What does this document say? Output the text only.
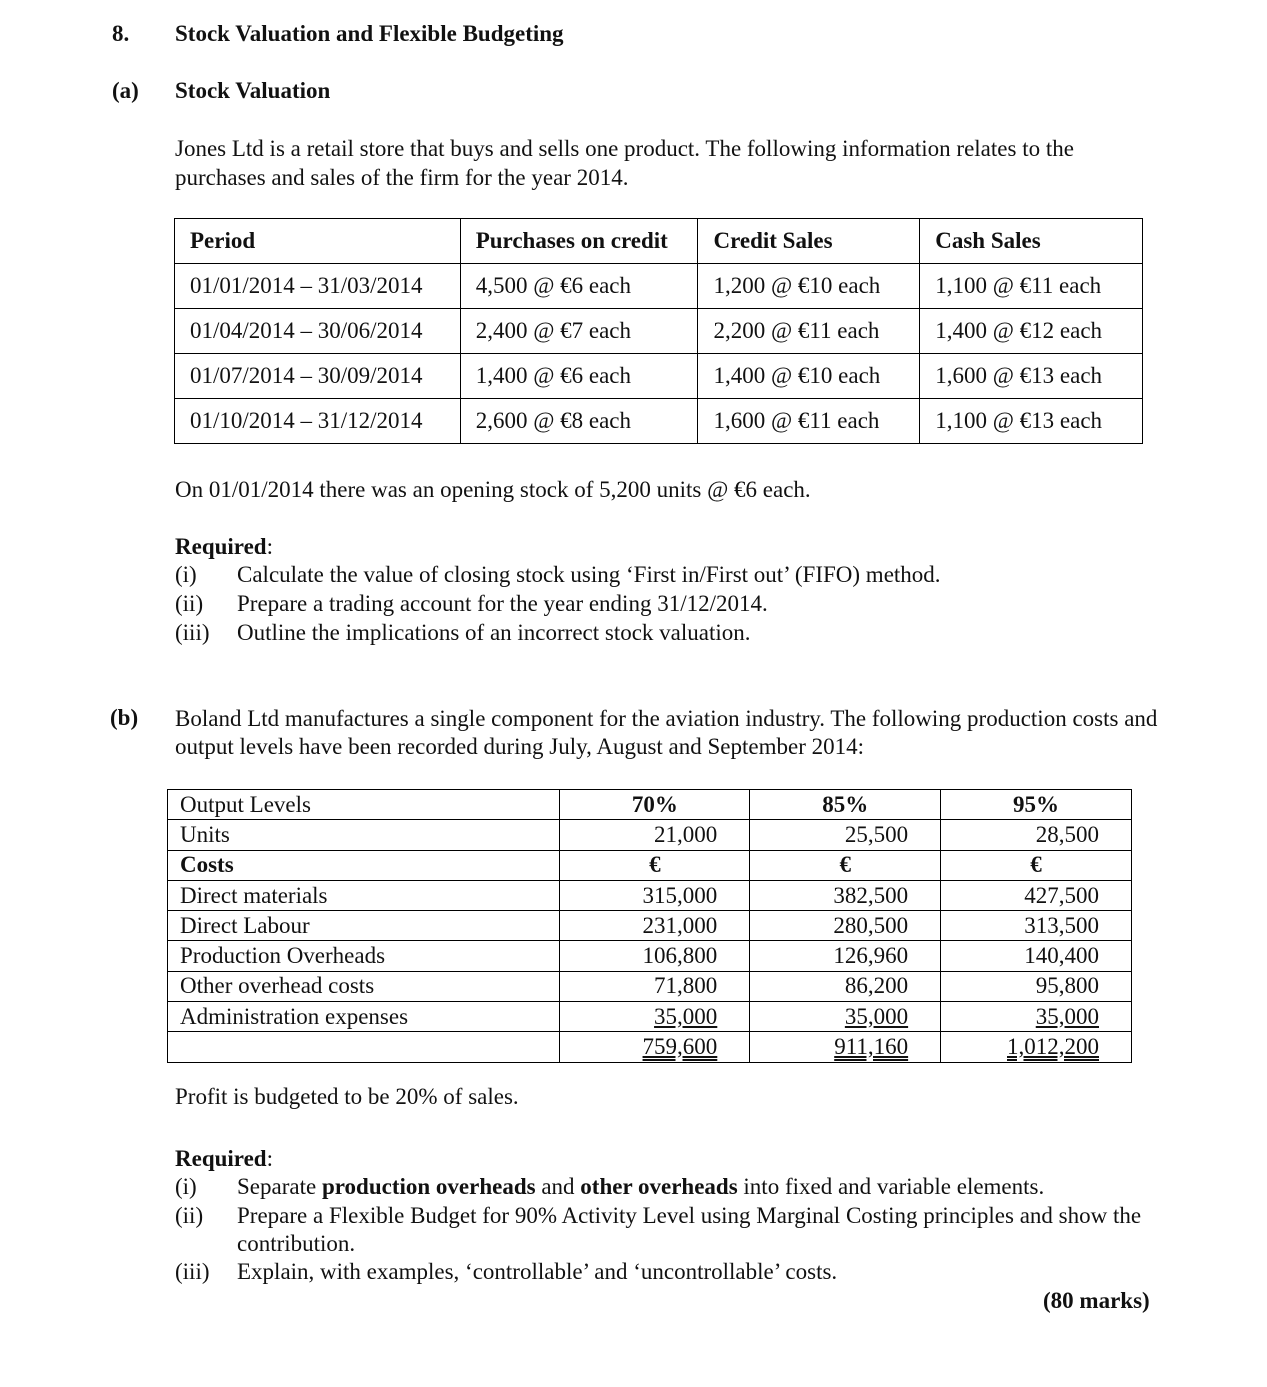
8. Stock Valuation and Flexible Budgeting
(a) Stock Valuation
Jones Ltd is a retail store that buys and sells one product. The following information relates to the
purchases and sales of the firm for the year 2014.
Period	Purchases on credit	Credit Sales	Cash Sales
01/01/2014 – 31/03/2014	4,500 @ €6 each	1,200 @ €10 each	1,100 @ €11 each
01/04/2014 – 30/06/2014	2,400 @ €7 each	2,200 @ €11 each	1,400 @ €12 each
01/07/2014 – 30/09/2014	1,400 @ €6 each	1,400 @ €10 each	1,600 @ €13 each
01/10/2014 – 31/12/2014	2,600 @ €8 each	1,600 @ €11 each	1,100 @ €13 each
On 01/01/2014 there was an opening stock of 5,200 units @ €6 each.
Required:
(i) Calculate the value of closing stock using ‘First in/First out’ (FIFO) method.
(ii) Prepare a trading account for the year ending 31/12/2014.
(iii) Outline the implications of an incorrect stock valuation.
(b) Boland Ltd manufactures a single component for the aviation industry. The following production costs and
output levels have been recorded during July, August and September 2014:
Output Levels	70%	85%	95%
Units	21,000	25,500	28,500
Costs	€	€	€
Direct materials	315,000	382,500	427,500
Direct Labour	231,000	280,500	313,500
Production Overheads	106,800	126,960	140,400
Other overhead costs	71,800	86,200	95,800
Administration expenses	35,000	35,000	35,000
	759,600	911,160	1,012,200
Profit is budgeted to be 20% of sales.
Required:
(i) Separate production overheads and other overheads into fixed and variable elements.
(ii) Prepare a Flexible Budget for 90% Activity Level using Marginal Costing principles and show the
contribution.
(iii) Explain, with examples, ‘controllable’ and ‘uncontrollable’ costs.
(80 marks)
